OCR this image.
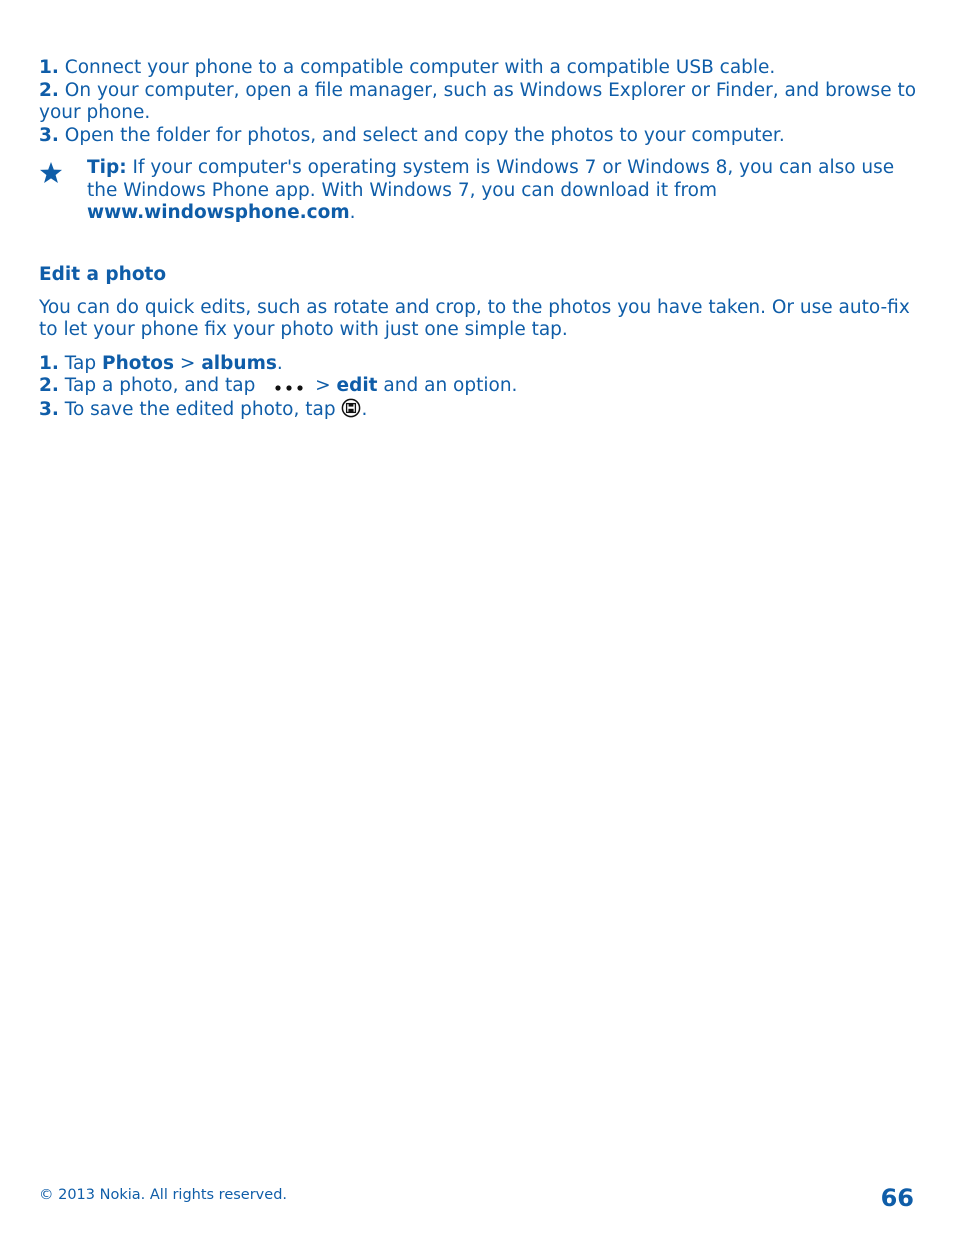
1. Connect your phone to a compatible computer with a compatible USB cable.

2. On your computer, open a file manager, such as Windows Explorer or Finder, and browse to your phone.

3. Open the folder for photos, and select and copy the photos to your computer.

Tip: If your computer's operating system is Windows 7 or Windows 8, you can also use the Windows Phone app. With Windows 7, you can download it from www.windowsphone.com.
Edit a photo

You can do quick edits, such as rotate and crop, to the photos you have taken. Or use auto-fix to let your phone fix your photo with just one simple tap.

1. Tap Photos > albums.

2. Tap a photo, and tap	> edit and an option.

3. To save the edited photo, tap .

© 2013 Nokia. All rights reserved.	66
